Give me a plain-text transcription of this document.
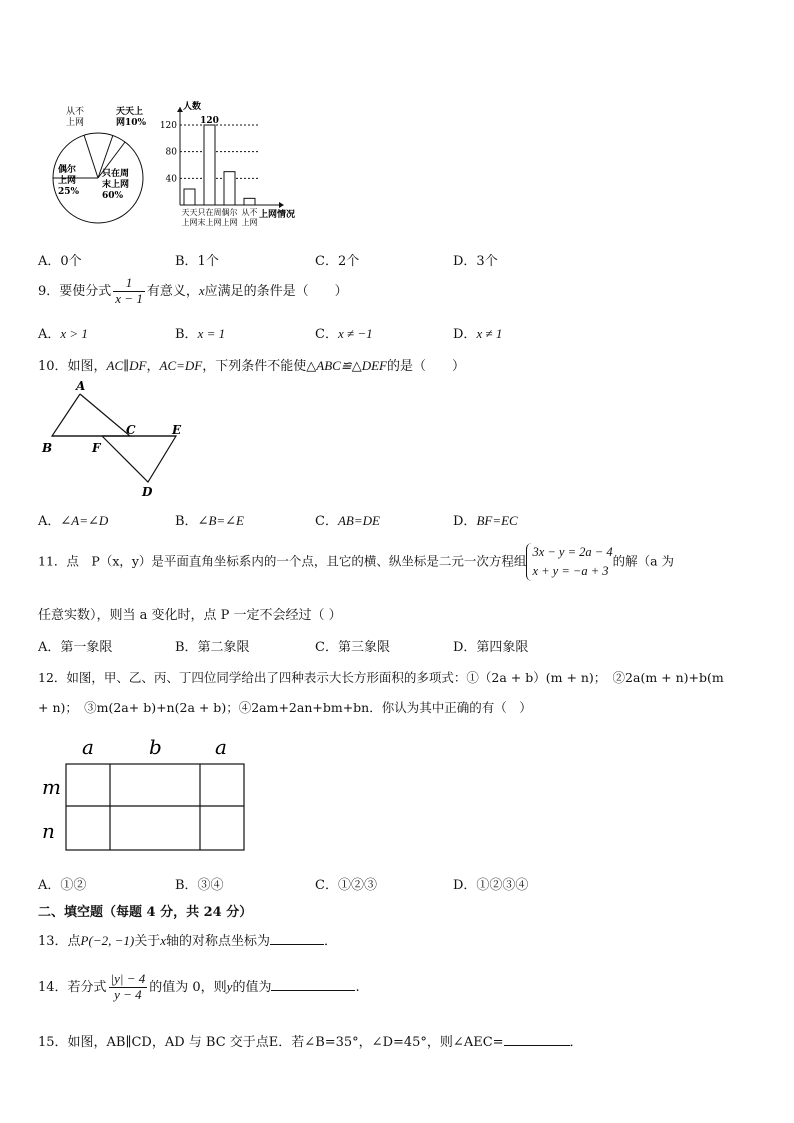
从不
上网
天天上
网10%
偶尔
上网
25%
只在周
末上网
60%
人数
上网情况
40
80
120
天天
上网
120
只在周
末上网
偶尔
上网
从不
上网
A．0个	B．1个	C．2个	D．3个
9．要使分式 $\frac{1}{x - 1}$ 有意义，x应满足的条件是（　　）
A．x > 1	B．x = 1	C．x ≠ −1	D．x ≠ 1
10．如图，AC∥DF，AC=DF，下列条件不能使△ABC≌△DEF的是（　　）
A
B	F
C	E
D
A．∠A=∠D	B．∠B=∠E	C．AB=DE	D．BF=EC
11．点　P（x，y）是平面直角坐标系内的一个点，且它的横、纵坐标是二元一次方程组
3x − y = 2a − 4
x + y = −a + 3
的解（a 为
任意实数），则当 a 变化时，点 P 一定不会经过（ ）
A．第一象限	B．第二象限	C．第三象限	D．第四象限
12．如图，甲、乙、丙、丁四位同学给出了四种表示大长方形面积的多项式：①（2a + b）(m + n)；　②2a(m + n)+b(m
+ n)；　③m(2a+ b)+n(2a + b)；④2am+2an+bm+bn．你认为其中正确的有（　）
a	b	a
m
n
A．①②	B．③④	C．①②③	D．①②③④
二、填空题（每题 4 分，共 24 分）
13．点P(−2, −1)关于x轴的对称点坐标为	．
14．若分式 $\frac{|y| - 4}{y - 4}$ 的值为 0，则y的值为	.
15．如图，AB∥CD，AD 与 BC 交于点E．若∠B=35°，∠D=45°，则∠AEC=	．
